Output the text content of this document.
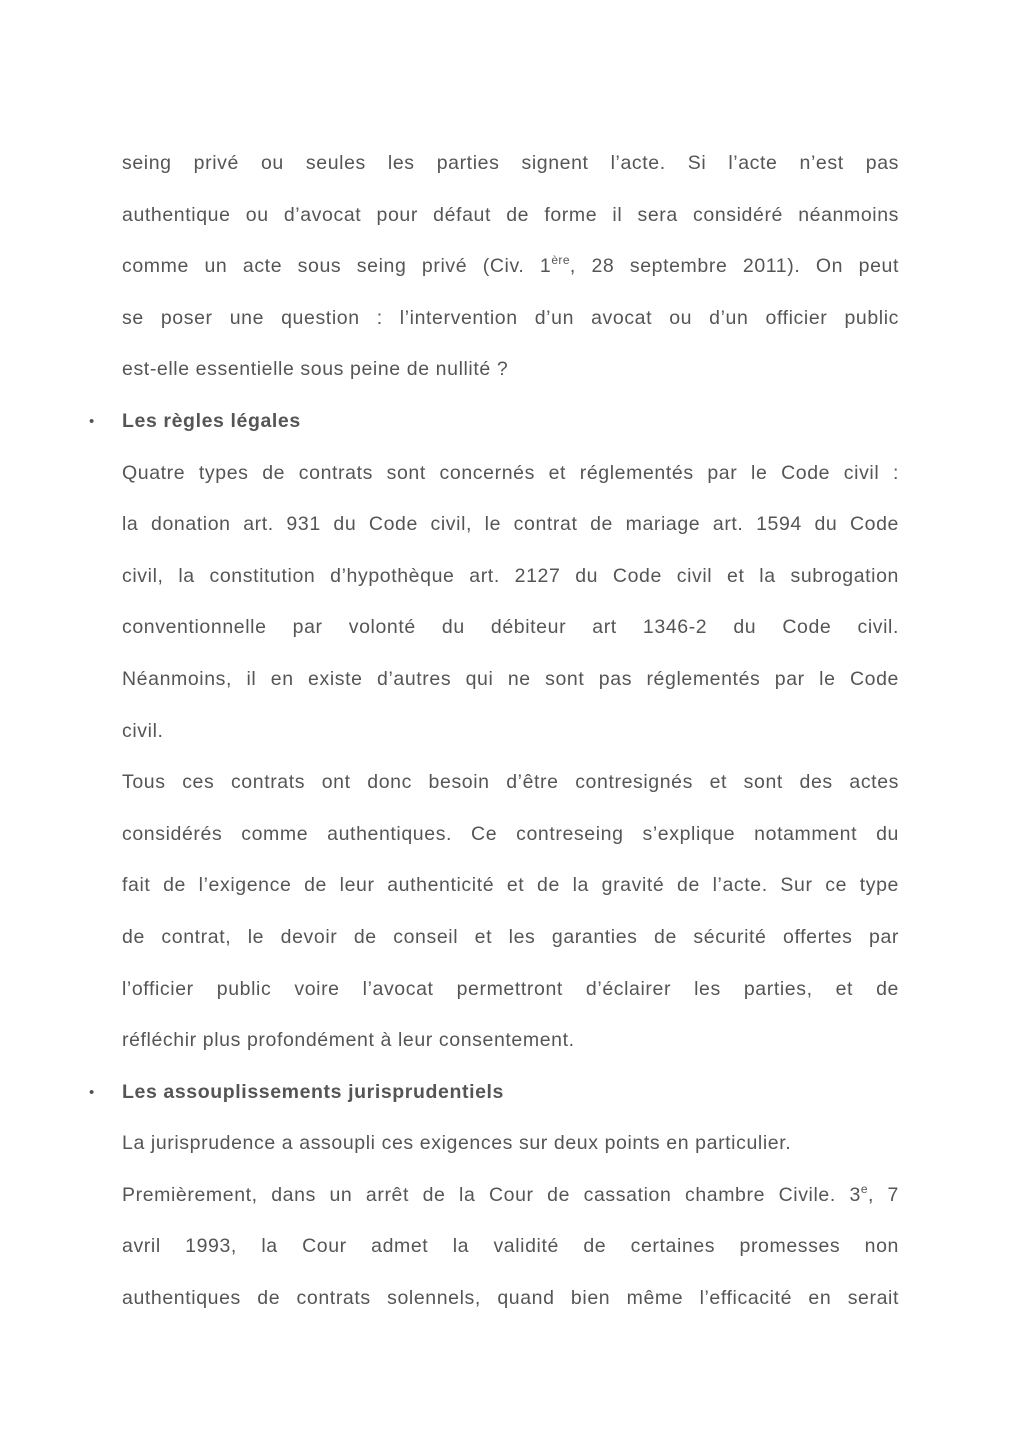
seing privé ou seules les parties signent l’acte. Si l’acte n’est pas
authentique ou d’avocat pour défaut de forme il sera considéré néanmoins
comme un acte sous seing privé (Civ. 1ère, 28 septembre 2011). On peut
se poser une question : l’intervention d’un avocat ou d’un officier public
est-elle essentielle sous peine de nullité ?
• Les règles légales
Quatre types de contrats sont concernés et réglementés par le Code civil :
la donation art. 931 du Code civil, le contrat de mariage art. 1594 du Code
civil, la constitution d’hypothèque art. 2127 du Code civil et la subrogation
conventionnelle par volonté du débiteur art 1346-2 du Code civil.
Néanmoins, il en existe d’autres qui ne sont pas réglementés par le Code
civil.
Tous ces contrats ont donc besoin d’être contresignés et sont des actes
considérés comme authentiques. Ce contreseing s’explique notamment du
fait de l’exigence de leur authenticité et de la gravité de l’acte. Sur ce type
de contrat, le devoir de conseil et les garanties de sécurité offertes par
l’officier public voire l’avocat permettront d’éclairer les parties, et de
réfléchir plus profondément à leur consentement.
• Les assouplissements jurisprudentiels
La jurisprudence a assoupli ces exigences sur deux points en particulier.
Premièrement, dans un arrêt de la Cour de cassation chambre Civile. 3e, 7
avril 1993, la Cour admet la validité de certaines promesses non
authentiques de contrats solennels, quand bien même l’efficacité en serait
